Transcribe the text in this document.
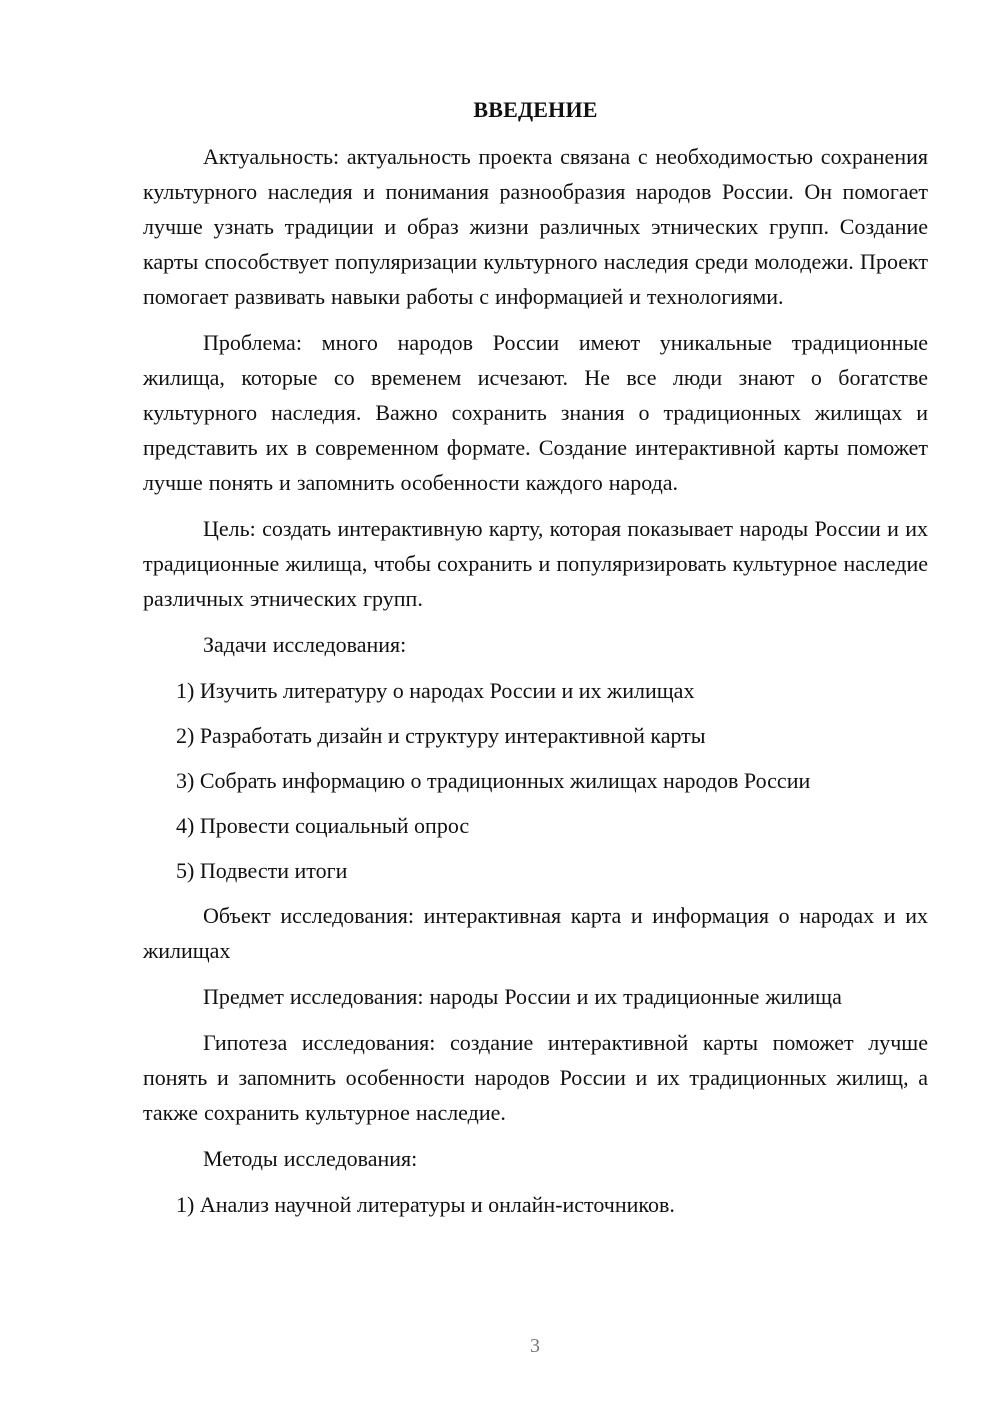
ВВЕДЕНИЕ

Актуальность: актуальность проекта связана с необходимостью сохранения культурного наследия и понимания разнообразия народов России. Он помогает лучше узнать традиции и образ жизни различных этнических групп. Создание карты способствует популяризации культурного наследия среди молодежи. Проект помогает развивать навыки работы с информацией и технологиями.

Проблема: много народов России имеют уникальные традиционные жилища, которые со временем исчезают. Не все люди знают о богатстве культурного наследия. Важно сохранить знания о традиционных жилищах и представить их в современном формате. Создание интерактивной карты поможет лучше понять и запомнить особенности каждого народа.

Цель: создать интерактивную карту, которая показывает народы России и их традиционные жилища, чтобы сохранить и популяризировать культурное наследие различных этнических групп.

Задачи исследования:

1) Изучить литературу о народах России и их жилищах
2) Разработать дизайн и структуру интерактивной карты
3) Собрать информацию о традиционных жилищах народов России
4) Провести социальный опрос
5) Подвести итоги

Объект исследования: интерактивная карта и информация о народах и их жилищах

Предмет исследования: народы России и их традиционные жилища

Гипотеза исследования: создание интерактивной карты поможет лучше понять и запомнить особенности народов России и их традиционных жилищ, а также сохранить культурное наследие.

Методы исследования:

1) Анализ научной литературы и онлайн-источников.
3
